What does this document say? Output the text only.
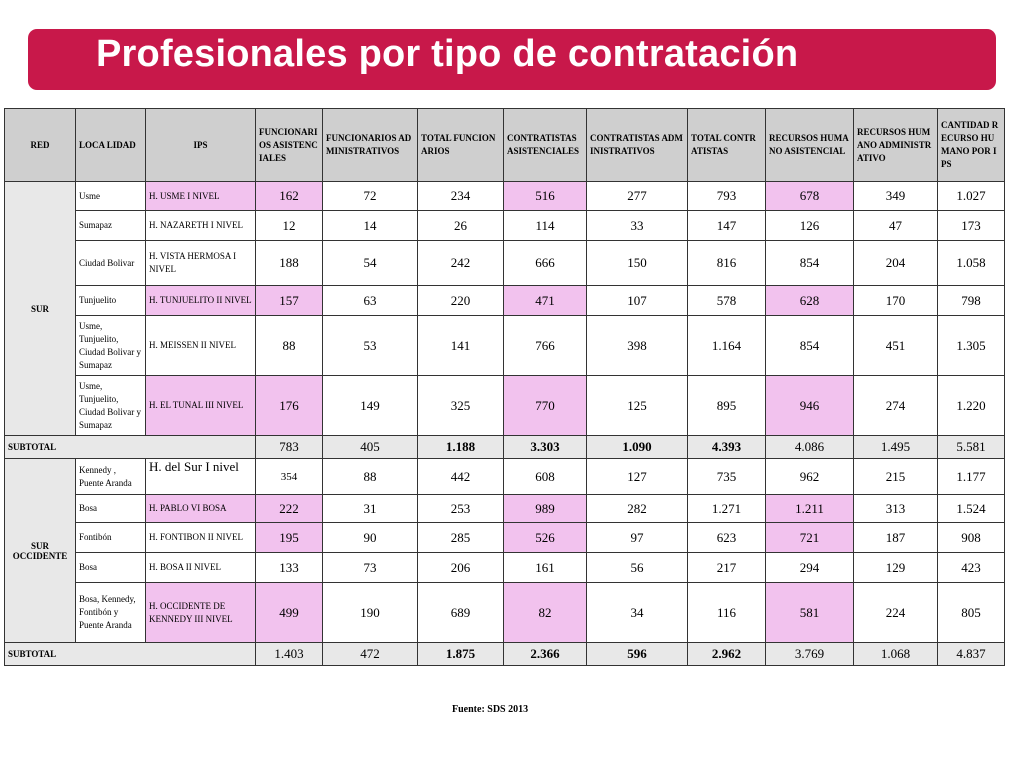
Profesionales por tipo de contratación
RED	LOCA LIDAD	IPS	FUNCIONARIOS ASISTENCIALES	FUNCIONARIOS ADMINISTRATIVOS	TOTAL FUNCIONARIOS	CONTRATISTAS ASISTENCIALES	CONTRATISTAS ADMINISTRATIVOS	TOTAL CONTRATISTAS	RECURSOS HUMANO ASISTENCIAL	RECURSOS HUMANO ADMINISTRATIVO	CANTIDAD RECURSO HUMANO POR IPS
SUR	Usme	H. USME I NIVEL	162	72	234	516	277	793	678	349	1.027
	Sumapaz	H. NAZARETH I NIVEL	12	14	26	114	33	147	126	47	173
	Ciudad Bolivar	H. VISTA HERMOSA I NIVEL	188	54	242	666	150	816	854	204	1.058
	Tunjuelito	H. TUNJUELITO II NIVEL	157	63	220	471	107	578	628	170	798
	Usme, Tunjuelito, Ciudad Bolivar y Sumapaz	H. MEISSEN II NIVEL	88	53	141	766	398	1.164	854	451	1.305
	Usme, Tunjuelito, Ciudad Bolivar y Sumapaz	H. EL TUNAL III NIVEL	176	149	325	770	125	895	946	274	1.220
SUBTOTAL			783	405	1.188	3.303	1.090	4.393	4.086	1.495	5.581
SUR OCCIDENTE	Kennedy , Puente Aranda	H. del Sur I nivel	354	88	442	608	127	735	962	215	1.177
	Bosa	H. PABLO VI BOSA	222	31	253	989	282	1.271	1.211	313	1.524
	Fontibón	H. FONTIBON II NIVEL	195	90	285	526	97	623	721	187	908
	Bosa	H. BOSA II NIVEL	133	73	206	161	56	217	294	129	423
	Bosa, Kennedy, Fontibón y Puente Aranda	H. OCCIDENTE DE KENNEDY III NIVEL	499	190	689	82	34	116	581	224	805
SUBTOTAL			1.403	472	1.875	2.366	596	2.962	3.769	1.068	4.837
Fuente: SDS 2013
